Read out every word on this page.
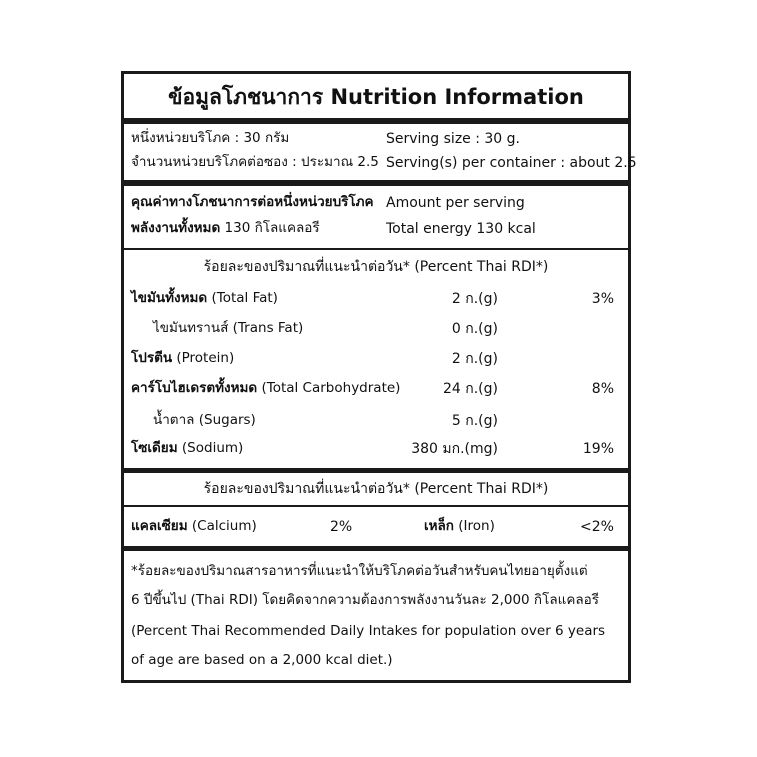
ข้อมูลโภชนาการ Nutrition Information
หนึ่งหน่วยบริโภค : 30 กรัม	Serving size : 30 g.
จำนวนหน่วยบริโภคต่อซอง : ประมาณ 2.5 Serving(s) per container : about 2.5
คุณค่าทางโภชนาการต่อหนึ่งหน่วยบริโภค Amount per serving
พลังงานทั้งหมด 130 กิโลแคลอรี	Total energy 130 kcal
ร้อยละของปริมาณที่แนะนำต่อวัน* (Percent Thai RDI*)
ไขมันทั้งหมด (Total Fat)	2 ก.(g)	3%
ไขมันทรานส์ (Trans Fat)	0 ก.(g)
โปรตีน (Protein)	2 ก.(g)
คาร์โบไฮเดรตทั้งหมด (Total Carbohydrate)	24 ก.(g)	8%
น้ำตาล (Sugars)	5 ก.(g)
โซเดียม (Sodium)	380 มก.(mg)	19%
ร้อยละของปริมาณที่แนะนำต่อวัน* (Percent Thai RDI*)
แคลเซียม (Calcium)	2%	เหล็ก (Iron)	<2%
*ร้อยละของปริมาณสารอาหารที่แนะนำให้บริโภคต่อวันสำหรับคนไทยอายุตั้งแต่
6 ปีขึ้นไป (Thai RDI) โดยคิดจากความต้องการพลังงานวันละ 2,000 กิโลแคลอรี
(Percent Thai Recommended Daily Intakes for population over 6 years
of age are based on a 2,000 kcal diet.)
